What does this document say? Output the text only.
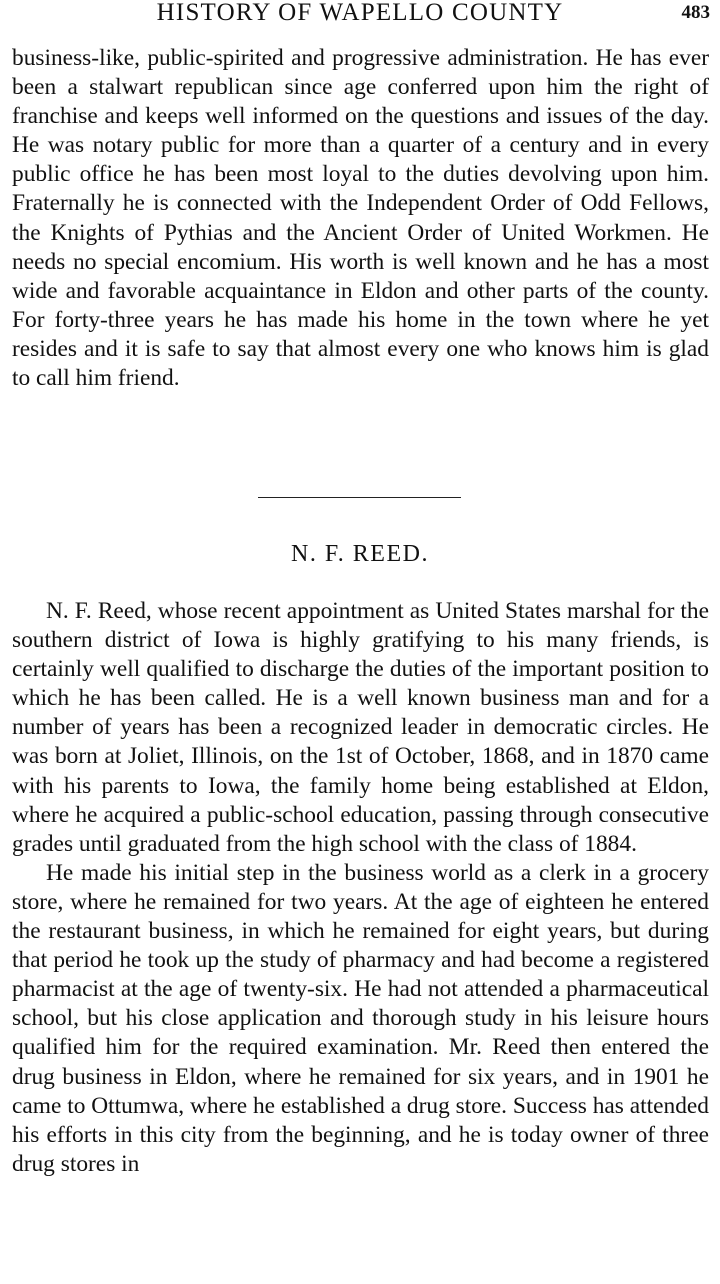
HISTORY OF WAPELLO COUNTY	483

business-like, public-spirited and progressive administration. He has ever been a stalwart republican since age conferred upon him the right of franchise and keeps well informed on the questions and issues of the day. He was notary public for more than a quarter of a century and in every public office he has been most loyal to the duties devolving upon him. Fraternally he is connected with the Independent Order of Odd Fellows, the Knights of Pythias and the Ancient Order of United Workmen. He needs no special encomium. His worth is well known and he has a most wide and favorable acquaintance in Eldon and other parts of the county. For forty-three years he has made his home in the town where he yet resides and it is safe to say that almost every one who knows him is glad to call him friend.

N. F. REED.

N. F. Reed, whose recent appointment as United States marshal for the southern district of Iowa is highly gratifying to his many friends, is certainly well qualified to discharge the duties of the important position to which he has been called. He is a well known business man and for a number of years has been a recognized leader in democratic circles. He was born at Joliet, Illinois, on the 1st of October, 1868, and in 1870 came with his parents to Iowa, the family home being established at Eldon, where he acquired a public-school education, passing through consecutive grades until graduated from the high school with the class of 1884.

He made his initial step in the business world as a clerk in a grocery store, where he remained for two years. At the age of eighteen he entered the restaurant business, in which he remained for eight years, but during that period he took up the study of pharmacy and had become a registered pharmacist at the age of twenty-six. He had not attended a pharmaceutical school, but his close application and thorough study in his leisure hours qualified him for the required examination. Mr. Reed then entered the drug business in Eldon, where he remained for six years, and in 1901 he came to Ottumwa, where he established a drug store. Success has attended his efforts in this city from the beginning, and he is today owner of three drug stores in
